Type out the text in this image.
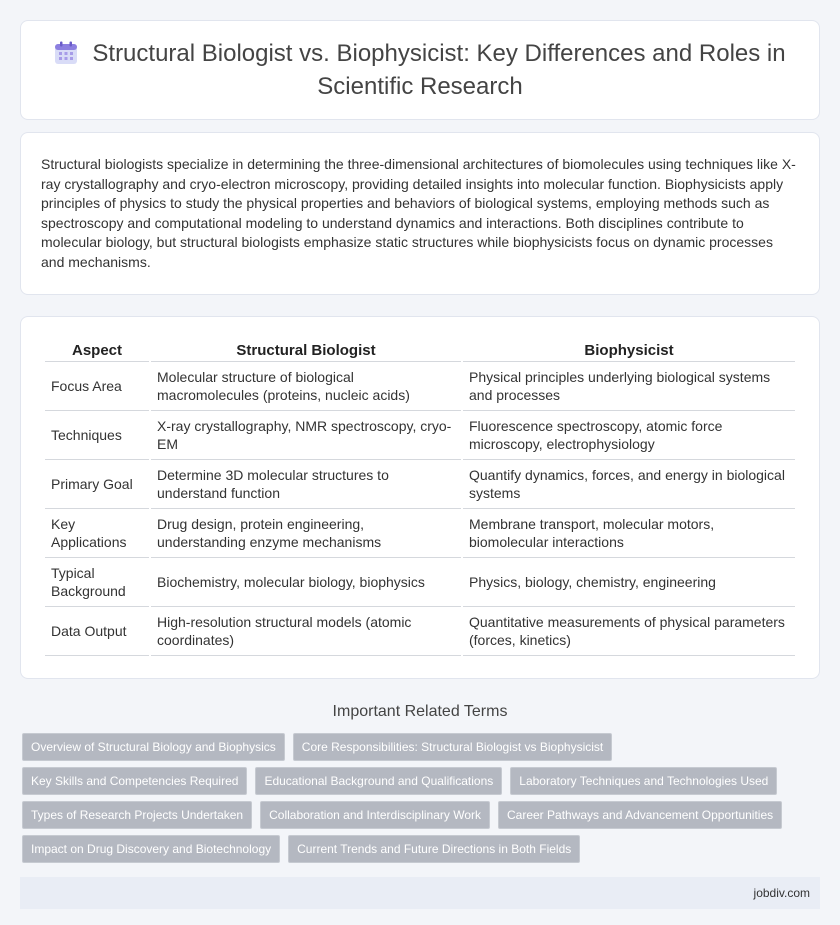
Structural Biologist vs. Biophysicist: Key Differences and Roles in Scientific Research

Structural biologists specialize in determining the three-dimensional architectures of biomolecules using techniques like X-ray crystallography and cryo-electron microscopy, providing detailed insights into molecular function. Biophysicists apply principles of physics to study the physical properties and behaviors of biological systems, employing methods such as spectroscopy and computational modeling to understand dynamics and interactions. Both disciplines contribute to molecular biology, but structural biologists emphasize static structures while biophysicists focus on dynamic processes and mechanisms.

Aspect	Structural Biologist	Biophysicist
Focus Area	Molecular structure of biological macromolecules (proteins, nucleic acids)	Physical principles underlying biological systems and processes
Techniques	X-ray crystallography, NMR spectroscopy, cryo-EM	Fluorescence spectroscopy, atomic force microscopy, electrophysiology
Primary Goal	Determine 3D molecular structures to understand function	Quantify dynamics, forces, and energy in biological systems
Key Applications	Drug design, protein engineering, understanding enzyme mechanisms	Membrane transport, molecular motors, biomolecular interactions
Typical Background	Biochemistry, molecular biology, biophysics	Physics, biology, chemistry, engineering
Data Output	High-resolution structural models (atomic coordinates)	Quantitative measurements of physical parameters (forces, kinetics)
Important Related Terms
Overview of Structural Biology and Biophysics	Core Responsibilities: Structural Biologist vs Biophysicist
Key Skills and Competencies Required	Educational Background and Qualifications	Laboratory Techniques and Technologies Used
Types of Research Projects Undertaken	Collaboration and Interdisciplinary Work	Career Pathways and Advancement Opportunities
Impact on Drug Discovery and Biotechnology	Current Trends and Future Directions in Both Fields
jobdiv.com
